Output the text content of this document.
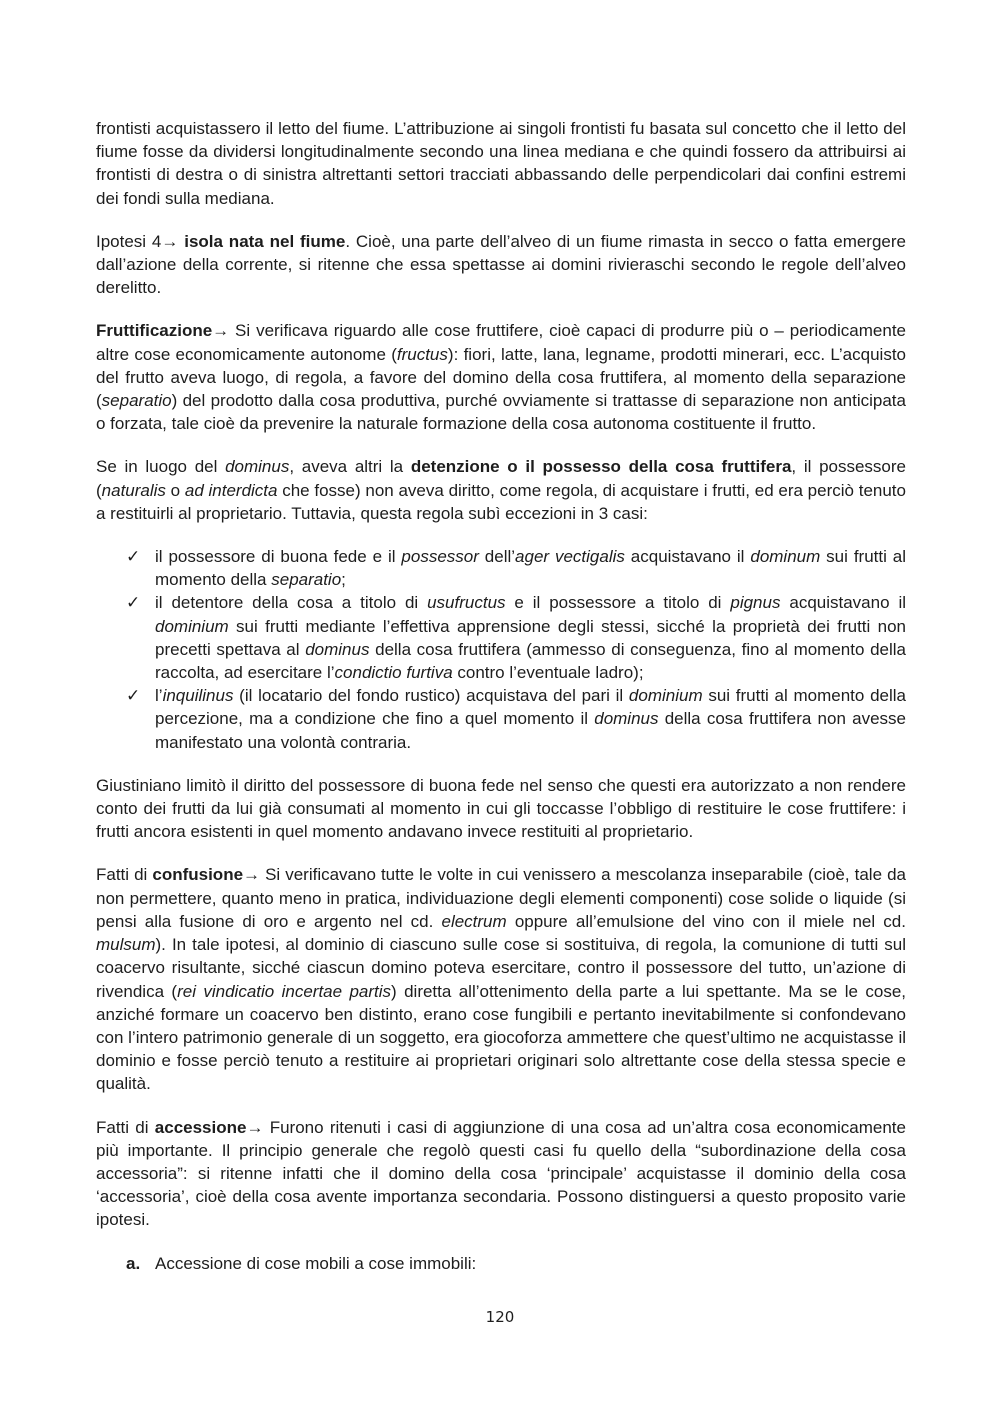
frontisti acquistassero il letto del fiume. L’attribuzione ai singoli frontisti fu basata sul concetto che il letto del fiume fosse da dividersi longitudinalmente secondo una linea mediana e che quindi fossero da attribuirsi ai frontisti di destra o di sinistra altrettanti settori tracciati abbassando delle perpendicolari dai confini estremi dei fondi sulla mediana.

Ipotesi 4→ isola nata nel fiume. Cioè, una parte dell’alveo di un fiume rimasta in secco o fatta emergere dall’azione della corrente, si ritenne che essa spettasse ai domini rivieraschi secondo le regole dell’alveo derelitto.

Fruttificazione→ Si verificava riguardo alle cose fruttifere, cioè capaci di produrre più o – periodicamente altre cose economicamente autonome (fructus): fiori, latte, lana, legname, prodotti minerari, ecc. L’acquisto del frutto aveva luogo, di regola, a favore del domino della cosa fruttifera, al momento della separazione (separatio) del prodotto dalla cosa produttiva, purché ovviamente si trattasse di separazione non anticipata o forzata, tale cioè da prevenire la naturale formazione della cosa autonoma costituente il frutto.

Se in luogo del dominus, aveva altri la detenzione o il possesso della cosa fruttifera, il possessore (naturalis o ad interdicta che fosse) non aveva diritto, come regola, di acquistare i frutti, ed era perciò tenuto a restituirli al proprietario. Tuttavia, questa regola subì eccezioni in 3 casi:

✓ il possessore di buona fede e il possessor dell’ager vectigalis acquistavano il dominum sui frutti al momento della separatio;
✓ il detentore della cosa a titolo di usufructus e il possessore a titolo di pignus acquistavano il dominium sui frutti mediante l’effettiva apprensione degli stessi, sicché la proprietà dei frutti non precetti spettava al dominus della cosa fruttifera (ammesso di conseguenza, fino al momento della raccolta, ad esercitare l’condictio furtiva contro l’eventuale ladro);
✓ l’inquilinus (il locatario del fondo rustico) acquistava del pari il dominium sui frutti al momento della percezione, ma a condizione che fino a quel momento il dominus della cosa fruttifera non avesse manifestato una volontà contraria.

Giustiniano limitò il diritto del possessore di buona fede nel senso che questi era autorizzato a non rendere conto dei frutti da lui già consumati al momento in cui gli toccasse l’obbligo di restituire le cose fruttifere: i frutti ancora esistenti in quel momento andavano invece restituiti al proprietario.

Fatti di confusione→ Si verificavano tutte le volte in cui venissero a mescolanza inseparabile (cioè, tale da non permettere, quanto meno in pratica, individuazione degli elementi componenti) cose solide o liquide (si pensi alla fusione di oro e argento nel cd. electrum oppure all’emulsione del vino con il miele nel cd. mulsum). In tale ipotesi, al dominio di ciascuno sulle cose si sostituiva, di regola, la comunione di tutti sul coacervo risultante, sicché ciascun domino poteva esercitare, contro il possessore del tutto, un’azione di rivendica (rei vindicatio incertae partis) diretta all’ottenimento della parte a lui spettante. Ma se le cose, anziché formare un coacervo ben distinto, erano cose fungibili e pertanto inevitabilmente si confondevano con l’intero patrimonio generale di un soggetto, era giocoforza ammettere che quest’ultimo ne acquistasse il dominio e fosse perciò tenuto a restituire ai proprietari originari solo altrettante cose della stessa specie e qualità.

Fatti di accessione→ Furono ritenuti i casi di aggiunzione di una cosa ad un’altra cosa economicamente più importante. Il principio generale che regolò questi casi fu quello della “subordinazione della cosa accessoria”: si ritenne infatti che il domino della cosa ‘principale’ acquistasse il dominio della cosa ‘accessoria’, cioè della cosa avente importanza secondaria. Possono distinguersi a questo proposito varie ipotesi.

a. Accessione di cose mobili a cose immobili:
120
